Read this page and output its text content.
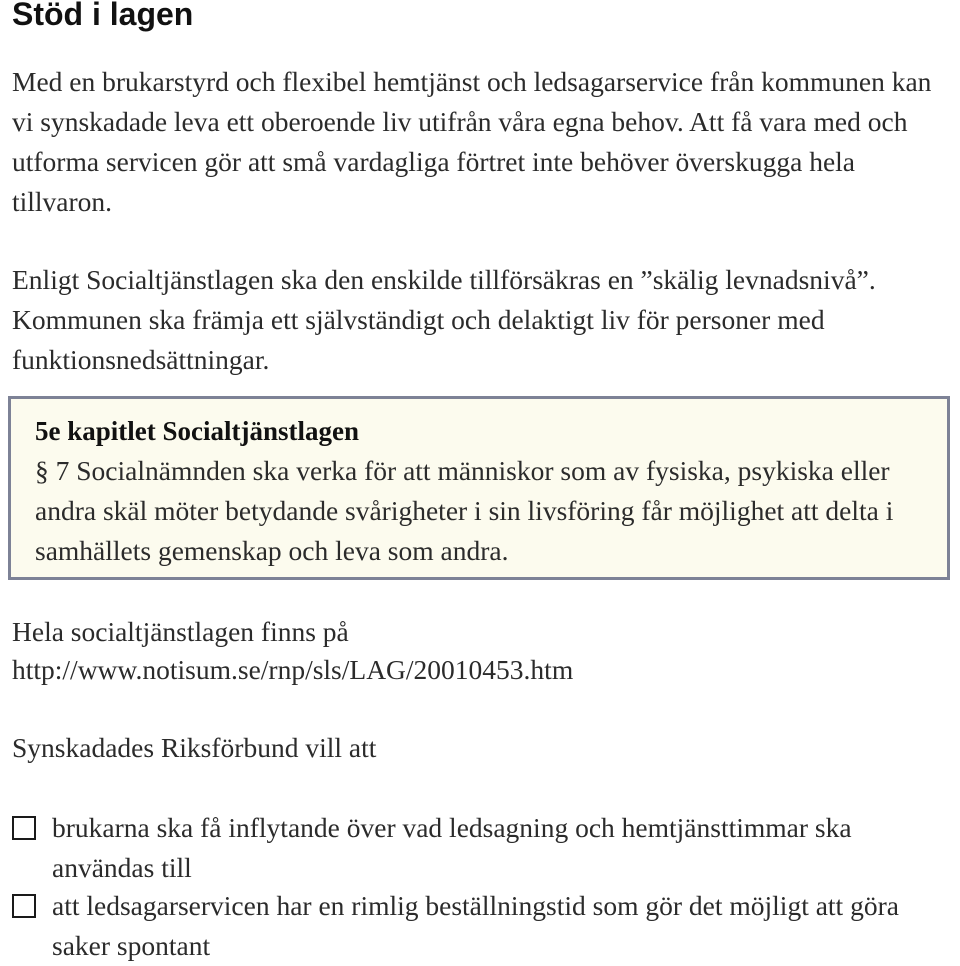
Stöd i lagen
Med en brukarstyrd och flexibel hemtjänst och ledsagarservice från kommunen kan vi synskadade leva ett oberoende liv utifrån våra egna behov. Att få vara med och utforma servicen gör att små vardagliga förtret inte behöver överskugga hela tillvaron.
Enligt Socialtjänstlagen ska den enskilde tillförsäkras en ”skälig levnadsnivå”. Kommunen ska främja ett självständigt och delaktigt liv för personer med funktionsnedsättningar.

5e kapitlet Socialtjänstlagen

§ 7 Socialnämnden ska verka för att människor som av fysiska, psykiska eller andra skäl möter betydande svårigheter i sin livsföring får möjlighet att delta i samhällets gemenskap och leva som andra.

Hela socialtjänstlagen finns på
http://www.notisum.se/rnp/sls/LAG/20010453.htm
Synskadades Riksförbund vill att
brukarna ska få inflytande över vad ledsagning och hemtjänsttimmar ska användas till
att ledsagarservicen har en rimlig beställningstid som gör det möjligt att göra saker spontant
